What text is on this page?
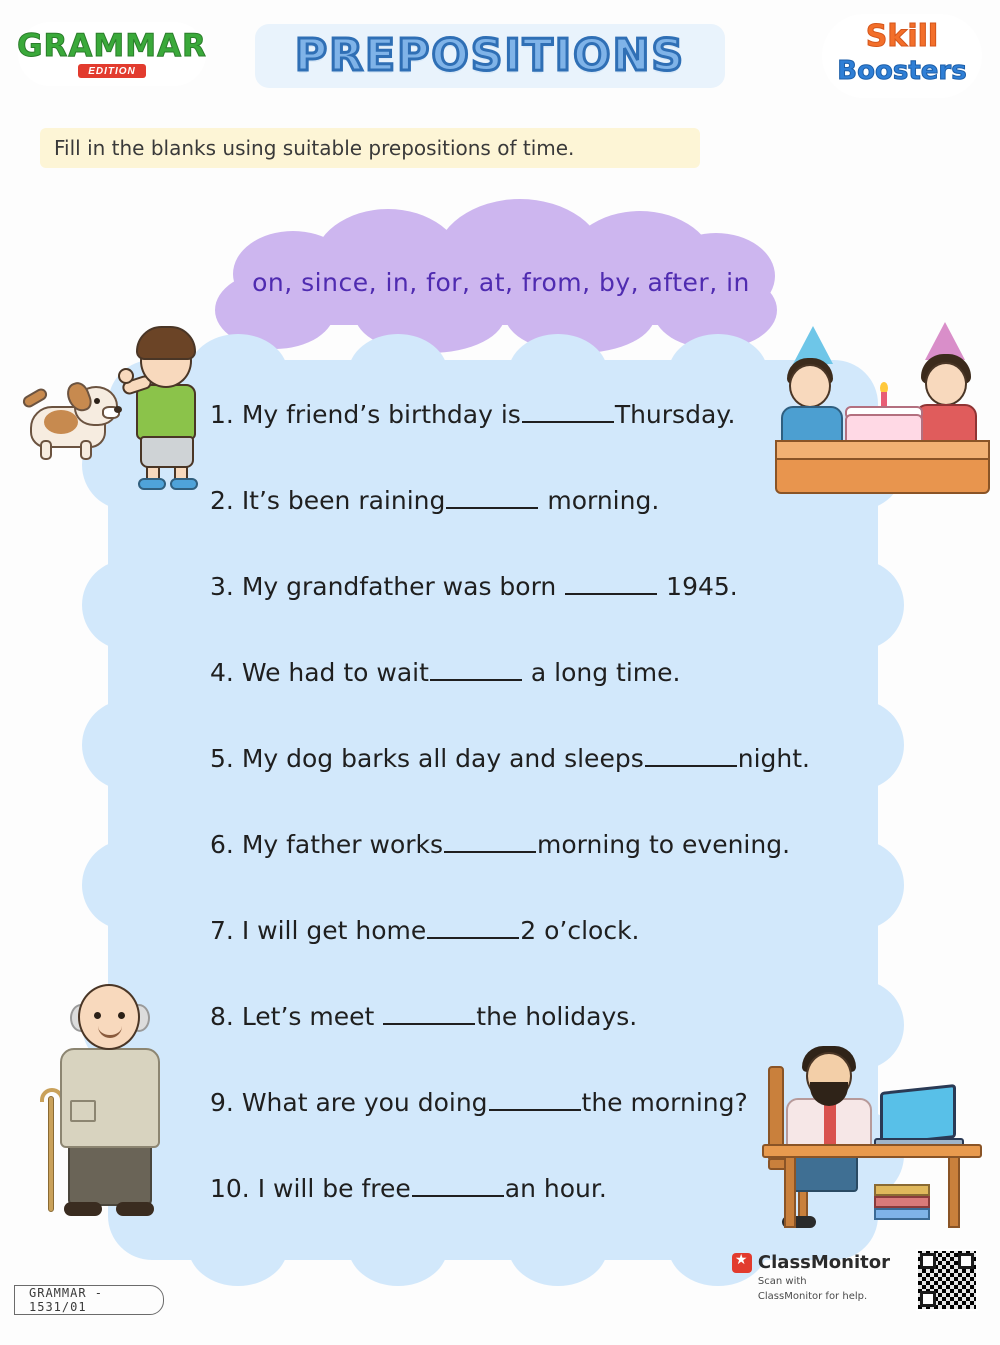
GRAMMAR
EDITION	PREPOSITIONS	Skill
Boosters
Fill in the blanks using suitable prepositions of time.
on, since, in, for, at, from, by, after, in
1. My friend’s birthday is	Thursday.
2. It’s been raining	morning.
3. My grandfather was born	1945.
4. We had to wait	a long time.
5. My dog barks all day and sleeps	night.
6. My father works	morning to evening.
7. I will get home	2 o’clock.
8. Let’s meet	the holidays.
9. What are you doing	the morning?
10. I will be free	an hour.
GRAMMAR - 1531/01
★
ClassMonitor
Scan with
ClassMonitor for help.
